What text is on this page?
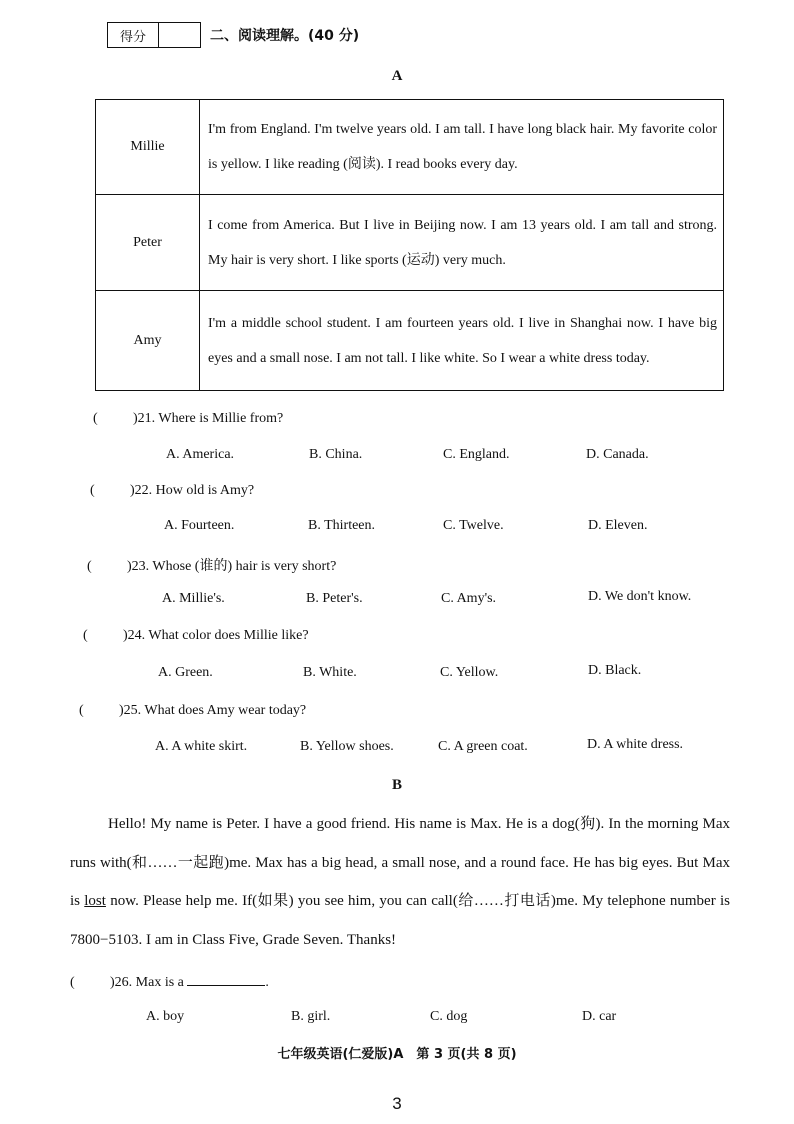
得分	二、阅读理解。(40 分)
A
Millie	I'm from England. I'm twelve years old. I am tall. I have long black hair. My favorite color is yellow. I like reading (阅读). I read books every day.
Peter	I come from America. But I live in Beijing now. I am 13 years old. I am tall and strong. My hair is very short. I like sports (运动) very much.
Amy	I'm a middle school student. I am fourteen years old. I live in Shanghai now. I have big eyes and a small nose. I am not tall. I like white. So I wear a white dress today.
(	)21. Where is Millie from?
A. America.	B. China.	C. England.	D. Canada.
(	)22. How old is Amy?
A. Fourteen.	B. Thirteen.	C. Twelve.	D. Eleven.
(	)23. Whose (谁的) hair is very short?
A. Millie's.	B. Peter's.	C. Amy's.	D. We don't know.
(	)24. What color does Millie like?
A. Green.	B. White.	C. Yellow.	D. Black.
(	)25. What does Amy wear today?
A. A white skirt.	B. Yellow shoes.	C. A green coat.	D. A white dress.
B
Hello! My name is Peter. I have a good friend. His name is Max. He is a dog(狗). In the morning Max runs with(和……一起跑)me. Max has a big head, a small nose, and a round face. He has big eyes. But Max is lost now. Please help me. If(如果) you see him, you can call(给……打电话)me. My telephone number is 7800−5103. I am in Class Five, Grade Seven. Thanks!
(	)26. Max is a	.
A. boy	B. girl.	C. dog	D. car
七年级英语(仁爱版)A　第 3 页(共 8 页)
3
